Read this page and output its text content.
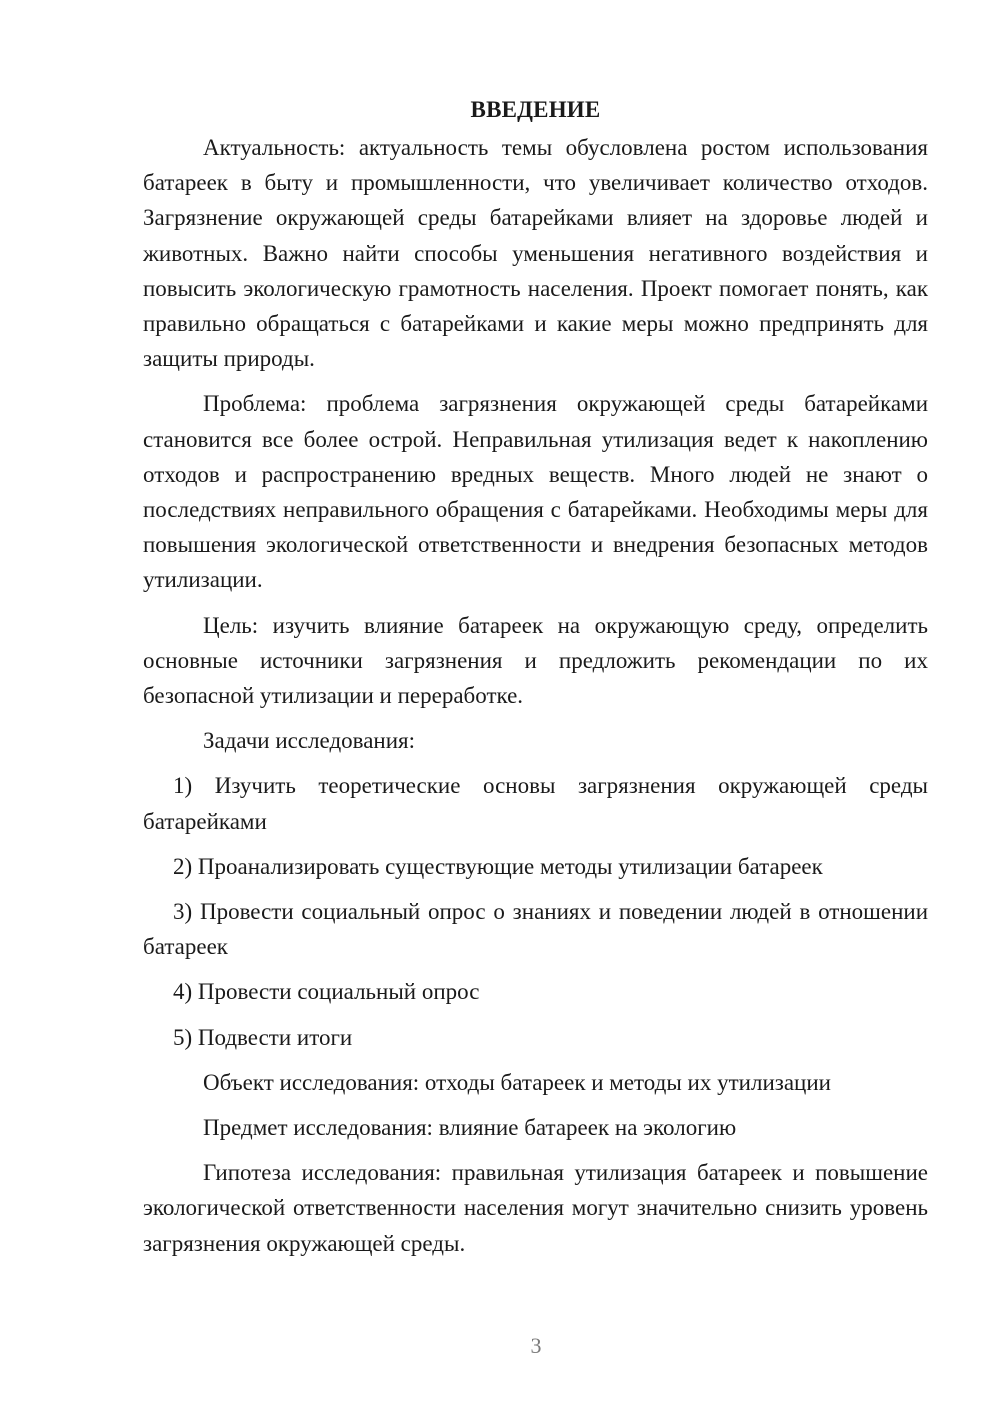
ВВЕДЕНИЕ

Актуальность: актуальность темы обусловлена ростом использования батареек в быту и промышленности, что увеличивает количество отходов. Загрязнение окружающей среды батарейками влияет на здоровье людей и животных. Важно найти способы уменьшения негативного воздействия и повысить экологическую грамотность населения. Проект помогает понять, как правильно обращаться с батарейками и какие меры можно предпринять для защиты природы.

Проблема: проблема загрязнения окружающей среды батарейками становится все более острой. Неправильная утилизация ведет к накоплению отходов и распространению вредных веществ. Много людей не знают о последствиях неправильного обращения с батарейками. Необходимы меры для повышения экологической ответственности и внедрения безопасных методов утилизации.

Цель: изучить влияние батареек на окружающую среду, определить основные источники загрязнения и предложить рекомендации по их безопасной утилизации и переработке.

Задачи исследования:

1) Изучить теоретические основы загрязнения окружающей среды батарейками

2) Проанализировать существующие методы утилизации батареек

3) Провести социальный опрос о знаниях и поведении людей в отношении батареек

4) Провести социальный опрос

5) Подвести итоги

Объект исследования: отходы батареек и методы их утилизации

Предмет исследования: влияние батареек на экологию

Гипотеза исследования: правильная утилизация батареек и повышение экологической ответственности населения могут значительно снизить уровень загрязнения окружающей среды.

3
